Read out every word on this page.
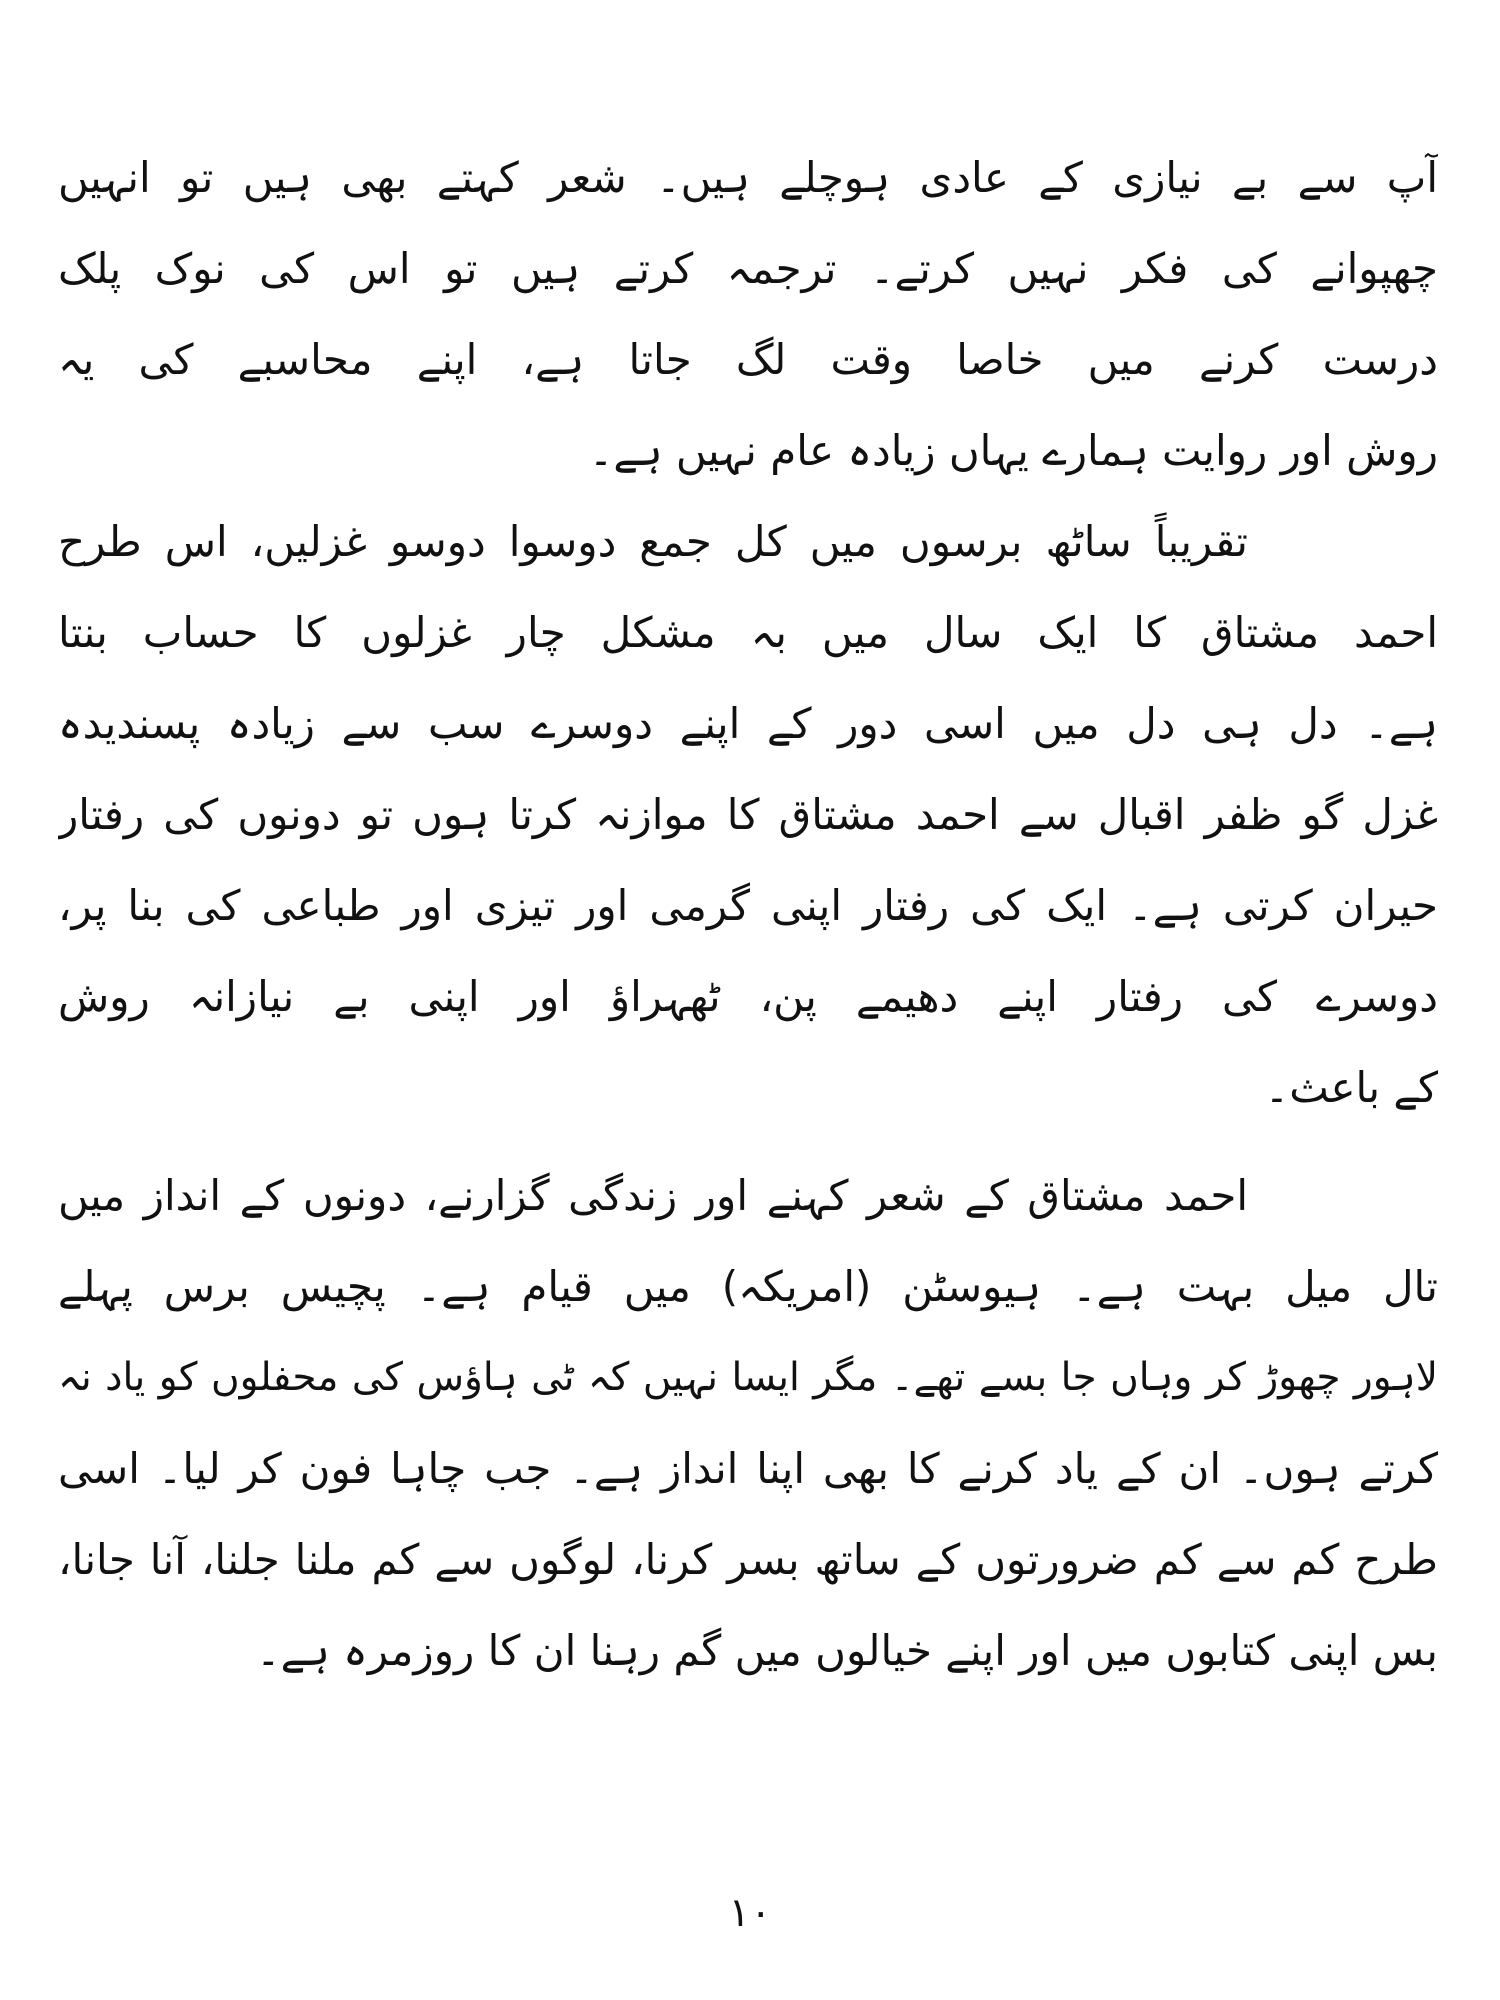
آپ سے بے نیازی کے عادی ہوچلے ہیں۔ شعر کہتے بھی ہیں تو انہیں
چھپوانے کی فکر نہیں کرتے۔ ترجمہ کرتے ہیں تو اس کی نوک پلک
درست کرنے میں خاصا وقت لگ جاتا ہے، اپنے محاسبے کی یہ
روش اور روایت ہمارے یہاں زیادہ عام نہیں ہے۔
تقریباً ساٹھ برسوں میں کل جمع دوسوا دوسو غزلیں، اس طرح
احمد مشتاق کا ایک سال میں بہ مشکل چار غزلوں کا حساب بنتا
ہے۔ دل ہی دل میں اسی دور کے اپنے دوسرے سب سے زیادہ پسندیدہ
غزل گو ظفر اقبال سے احمد مشتاق کا موازنہ کرتا ہوں تو دونوں کی رفتار
حیران کرتی ہے۔ ایک کی رفتار اپنی گرمی اور تیزی اور طباعی کی بنا پر،
دوسرے کی رفتار اپنے دھیمے پن، ٹھہراؤ اور اپنی بے نیازانہ روش
کے باعث۔
احمد مشتاق کے شعر کہنے اور زندگی گزارنے، دونوں کے انداز میں
تال میل بہت ہے۔ ہیوسٹن (امریکہ) میں قیام ہے۔ پچیس برس پہلے
لاہور چھوڑ کر وہاں جا بسے تھے۔ مگر ایسا نہیں کہ ٹی ہاؤس کی محفلوں کو یاد نہ
کرتے ہوں۔ ان کے یاد کرنے کا بھی اپنا انداز ہے۔ جب چاہا فون کر لیا۔ اسی
طرح کم سے کم ضرورتوں کے ساتھ بسر کرنا، لوگوں سے کم ملنا جلنا، آنا جانا،
بس اپنی کتابوں میں اور اپنے خیالوں میں گم رہنا ان کا روزمرہ ہے۔
۱۰
